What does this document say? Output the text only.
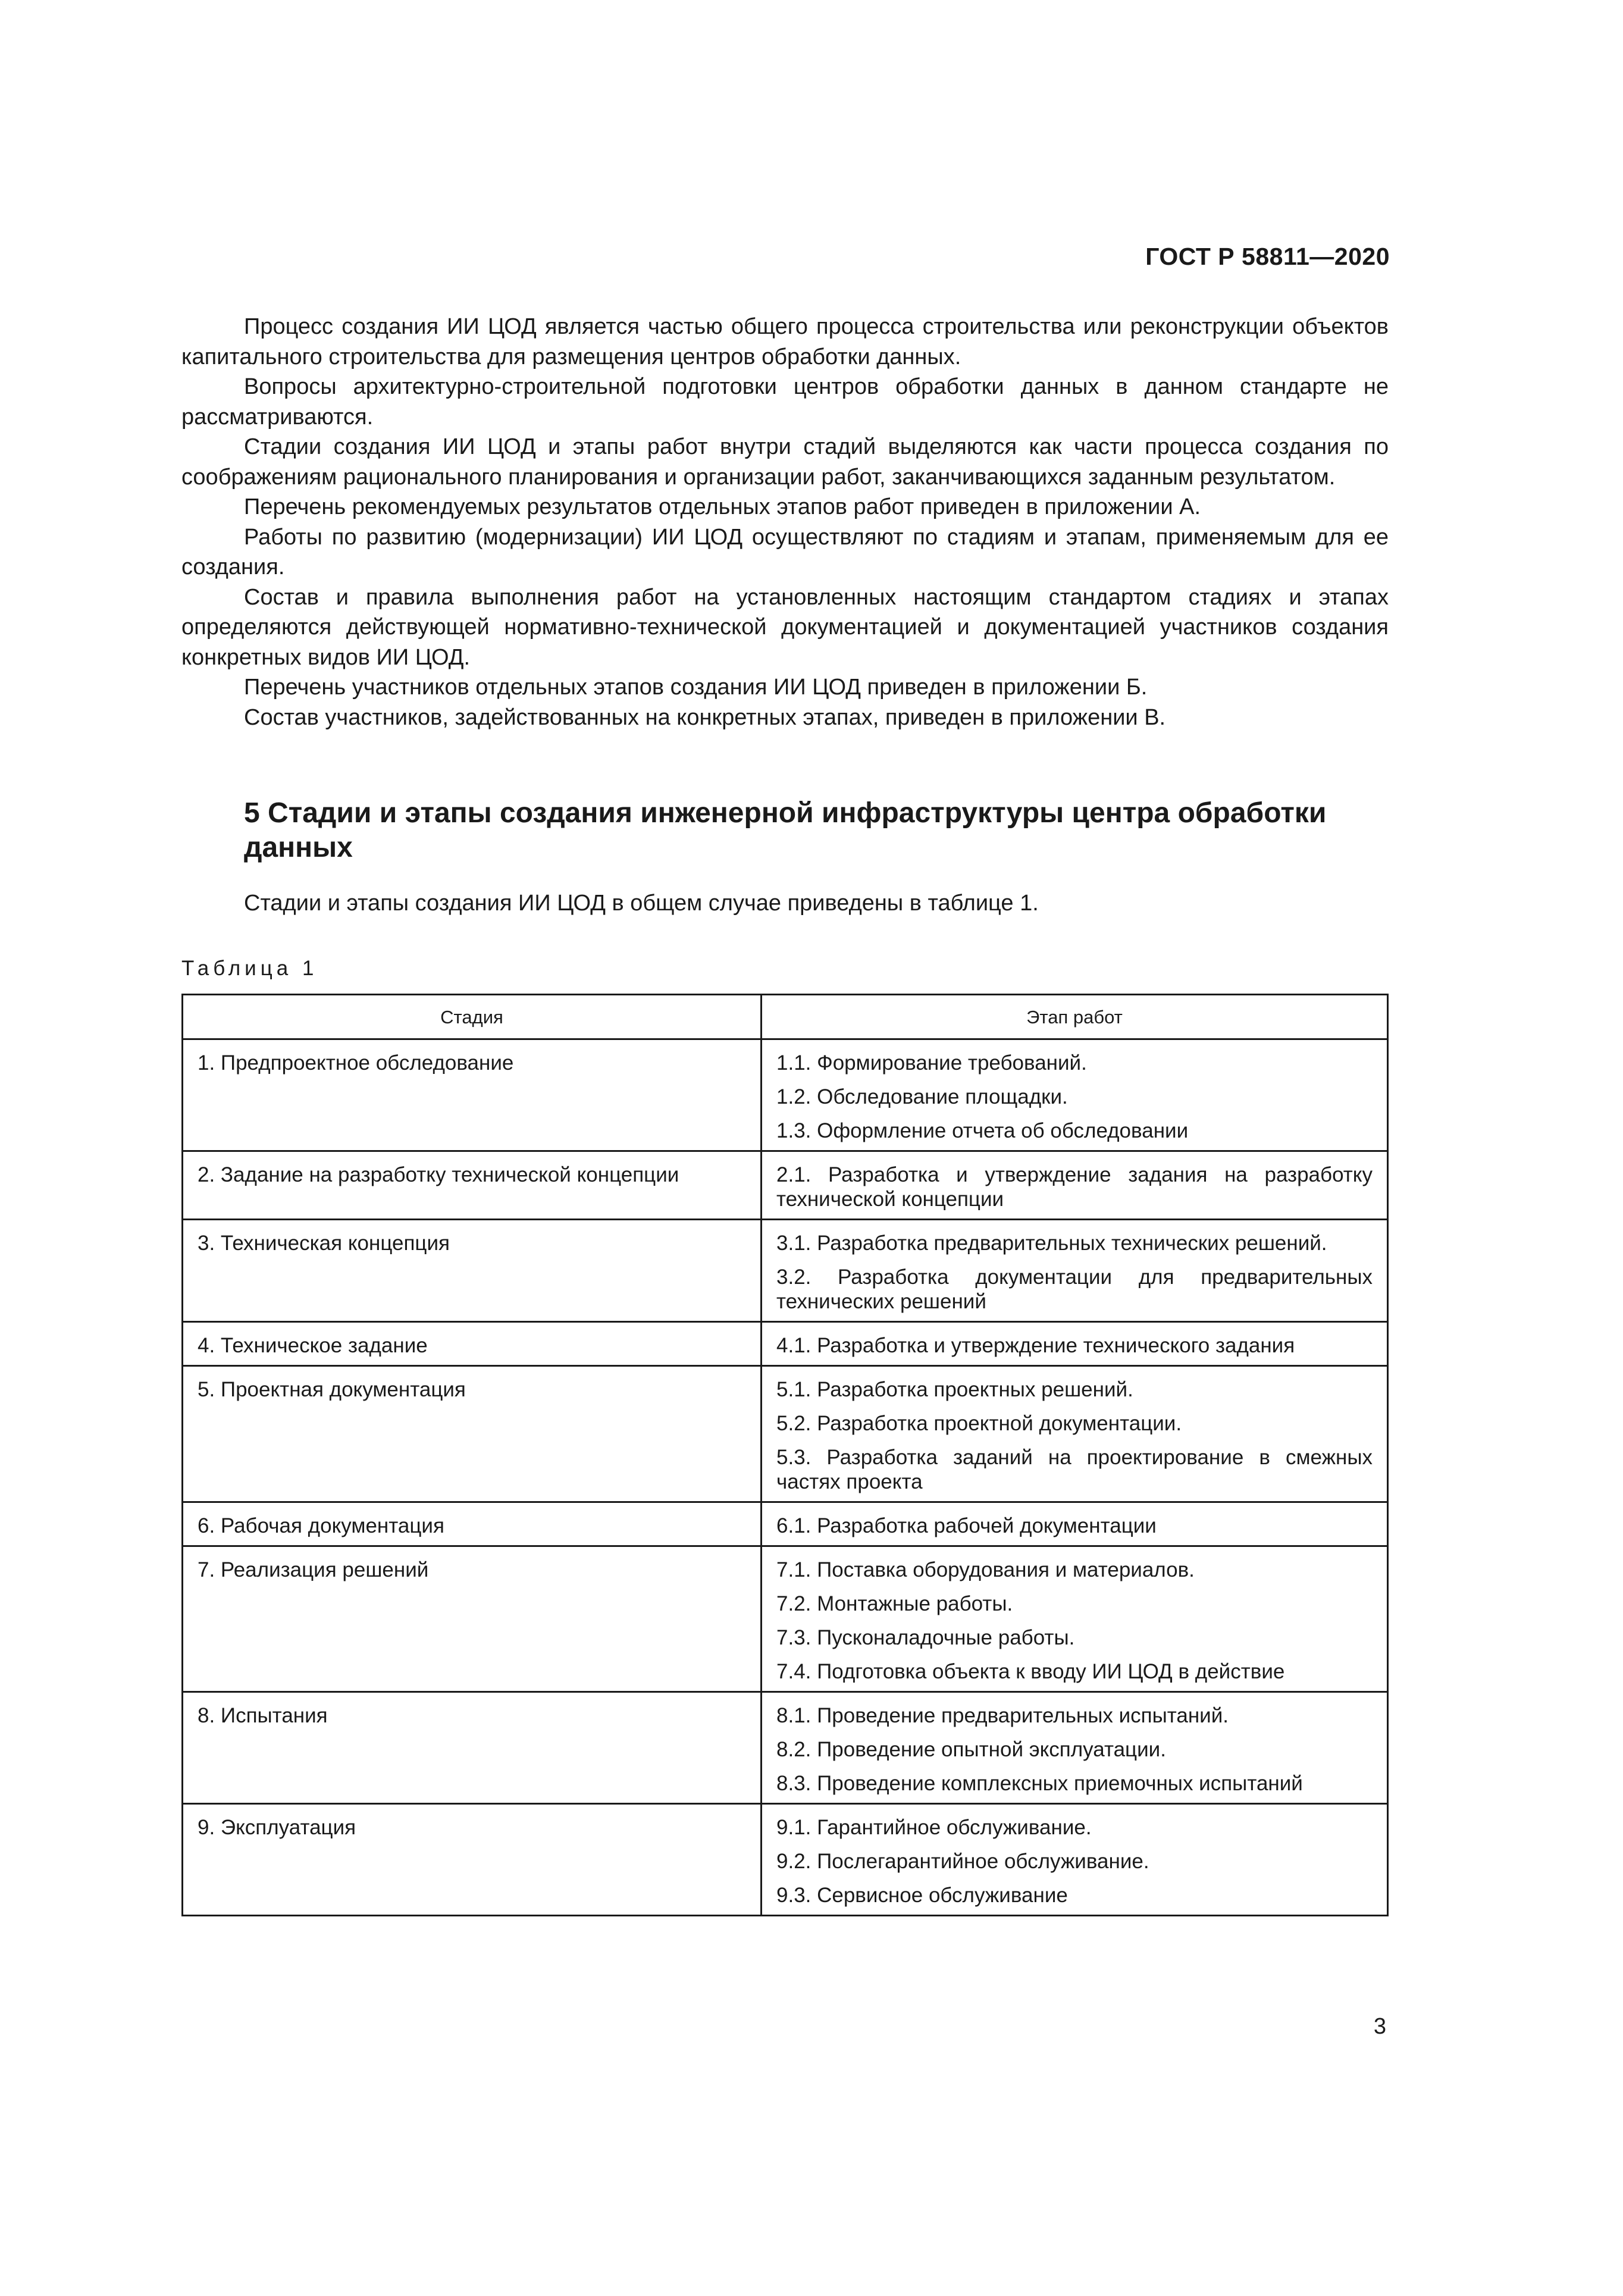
ГОСТ Р 58811—2020

Процесс создания ИИ ЦОД является частью общего процесса строительства или реконструкции объектов капитального строительства для размещения центров обработки данных.

Вопросы архитектурно-строительной подготовки центров обработки данных в данном стандарте не рассматриваются.

Стадии создания ИИ ЦОД и этапы работ внутри стадий выделяются как части процесса создания по соображениям рационального планирования и организации работ, заканчивающихся заданным результатом.

Перечень рекомендуемых результатов отдельных этапов работ приведен в приложении А.

Работы по развитию (модернизации) ИИ ЦОД осуществляют по стадиям и этапам, применяемым для ее создания.

Состав и правила выполнения работ на установленных настоящим стандартом стадиях и этапах определяются действующей нормативно-технической документацией и документацией участников создания конкретных видов ИИ ЦОД.

Перечень участников отдельных этапов создания ИИ ЦОД приведен в приложении Б.

Состав участников, задействованных на конкретных этапах, приведен в приложении В.

5 Стадии и этапы создания инженерной инфраструктуры центра обработки данных

Стадии и этапы создания ИИ ЦОД в общем случае приведены в таблице 1.

Таблица 1
Стадия	Этап работ
1. Предпроектное обследование	1.1. Формирование требований.
1.2. Обследование площадки.
1.3. Оформление отчета об обследовании

2. Задание на разработку технической концепции	2.1. Разработка и утверждение задания на разработку технической концепции

3. Техническая концепция	3.1. Разработка предварительных технических решений.
3.2. Разработка документации для предварительных технических решений

4. Техническое задание	4.1. Разработка и утверждение технического задания

5. Проектная документация	5.1. Разработка проектных решений.
5.2. Разработка проектной документации.
5.3. Разработка заданий на проектирование в смежных частях проекта

6. Рабочая документация	6.1. Разработка рабочей документации

7. Реализация решений	7.1. Поставка оборудования и материалов.
7.2. Монтажные работы.
7.3. Пусконаладочные работы.
7.4. Подготовка объекта к вводу ИИ ЦОД в действие

8. Испытания	8.1. Проведение предварительных испытаний.
8.2. Проведение опытной эксплуатации.
8.3. Проведение комплексных приемочных испытаний

9. Эксплуатация	9.1. Гарантийное обслуживание.
9.2. Послегарантийное обслуживание.
9.3. Сервисное обслуживание
3
